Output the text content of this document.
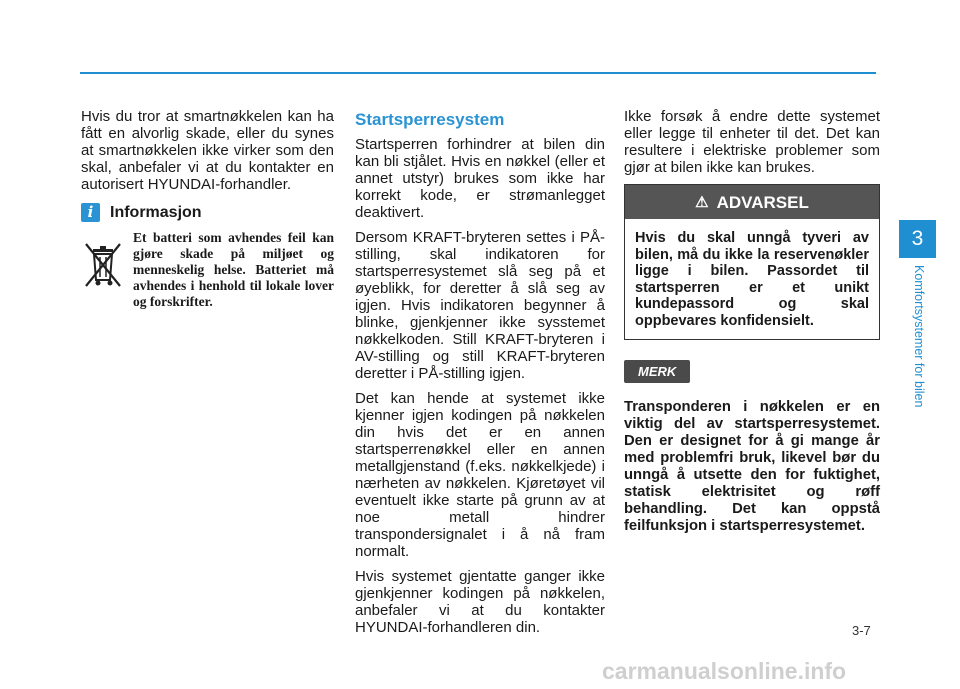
Hvis du tror at smartnøkkelen kan ha fått en alvorlig skade, eller du synes at smartnøkkelen ikke virker som den skal, anbefaler vi at du kontakter en autorisert HYUNDAI-forhandler.

i	Informasjon

Et batteri som avhendes feil kan gjøre skade på miljøet og menneskelig helse. Batteriet må avhendes i henhold til lokale lover og forskrifter.

Startsperresystem

Startsperren forhindrer at bilen din kan bli stjålet. Hvis en nøkkel (eller et annet utstyr) brukes som ikke har korrekt kode, er strømanlegget deaktivert.

Dersom KRAFT-bryteren settes i PÅ-stilling, skal indikatoren for startsperresystemet slå seg på et øyeblikk, for deretter å slå seg av igjen. Hvis indikatoren begynner å blinke, gjenkjenner ikke sysstemet nøkkelkoden. Still KRAFT-bryteren i AV-stilling og still KRAFT-bryteren deretter i PÅ-stilling igjen.

Det kan hende at systemet ikke kjenner igjen kodingen på nøkkelen din hvis det er en annen startsperrenøkkel eller en annen metallgjenstand (f.eks. nøkkelkjede) i nærheten av nøkkelen. Kjøretøyet vil eventuelt ikke starte på grunn av at noe metall hindrer transpondersignalet i å nå fram normalt.

Hvis systemet gjentatte ganger ikke gjenkjenner kodingen på nøkkelen, anbefaler vi at du kontakter HYUNDAI-forhandleren din.

Ikke forsøk å endre dette systemet eller legge til enheter til det. Det kan resultere i elektriske problemer som gjør at bilen ikke kan brukes.

⚠ ADVARSEL
Hvis du skal unngå tyveri av bilen, må du ikke la reservenøkler ligge i bilen. Passordet til startsperren er et unikt kundepassord og skal oppbevares konfidensielt.
MERK

Transponderen i nøkkelen er en viktig del av startsperresystemet. Den er designet for å gi mange år med problemfri bruk, likevel bør du unngå å utsette den for fuktighet, statisk elektrisitet og røff behandling. Det kan oppstå feilfunksjon i startsperresystemet.

3
Komfortsystemer for bilen
3-7
carmanualsonline.info
